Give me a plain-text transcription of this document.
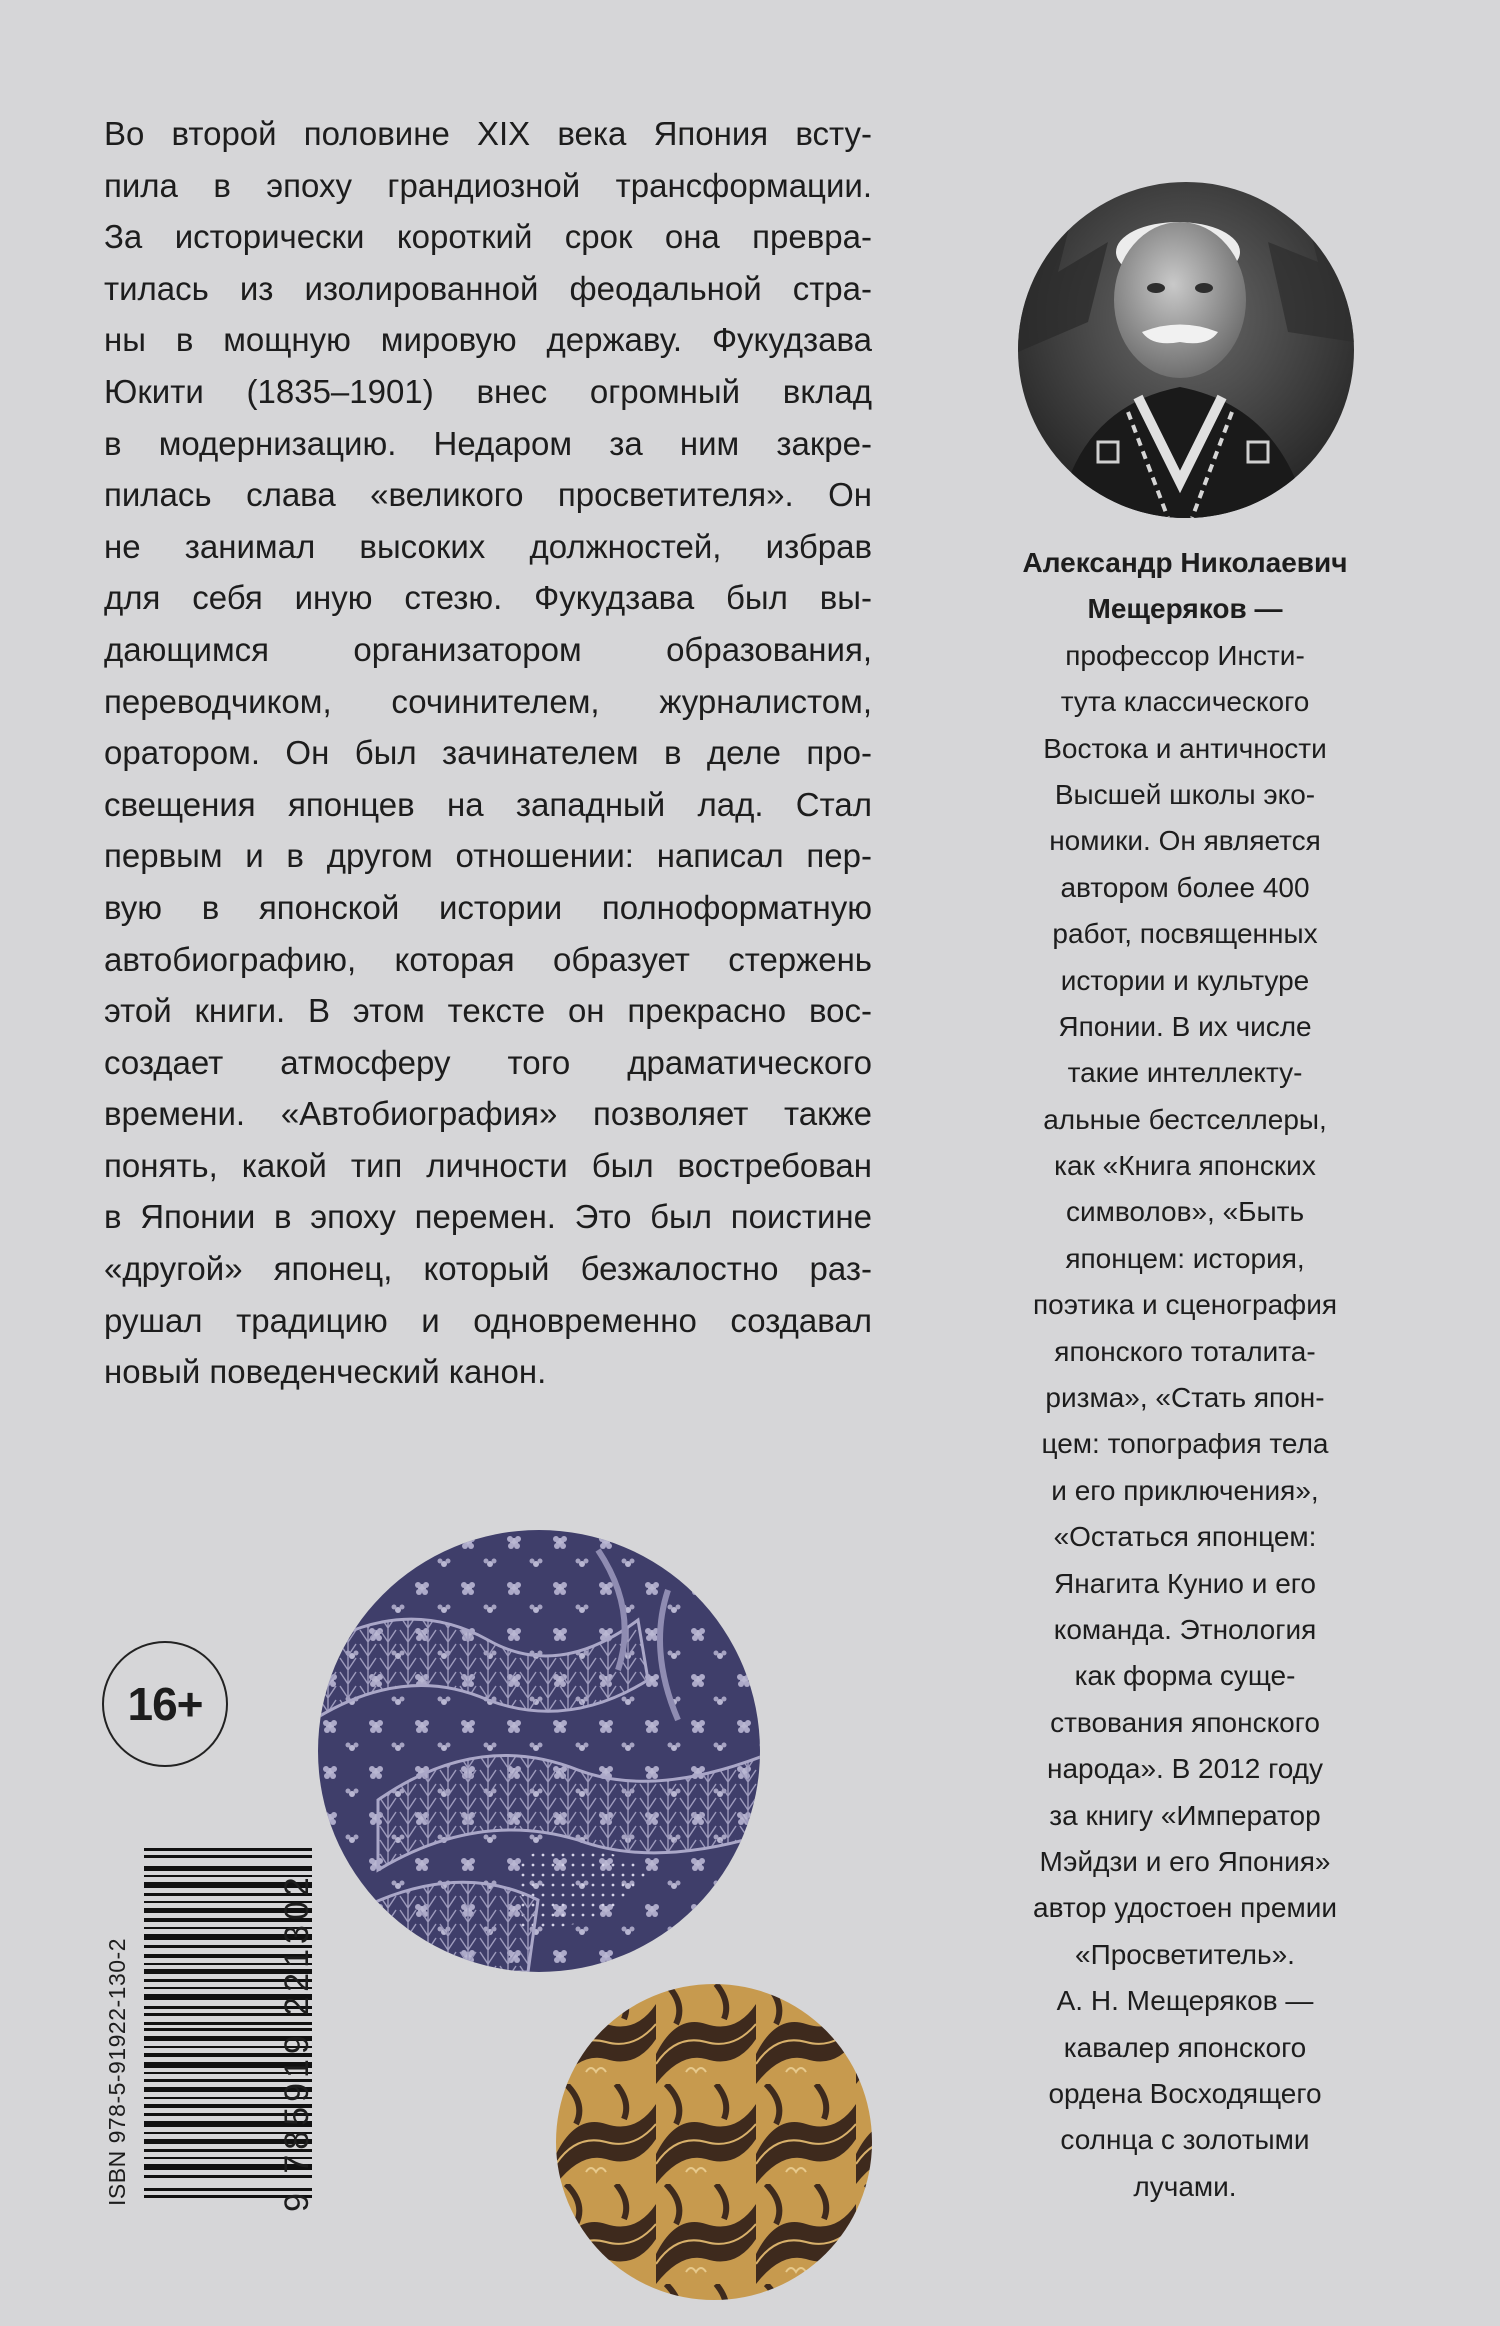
Во второй половине XIX века Япония всту-
пила в эпоху грандиозной трансформации.
За исторически короткий срок она превра-
тилась из изолированной феодальной стра-
ны в мощную мировую державу. Фукудзава
Юкити (1835–1901) внес огромный вклад
в модернизацию. Недаром за ним закре-
пилась слава «великого просветителя». Он
не занимал высоких должностей, избрав
для себя иную стезю. Фукудзава был вы-
дающимся организатором образования,
переводчиком, сочинителем, журналистом,
оратором. Он был зачинателем в деле про-
свещения японцев на западный лад. Стал
первым и в другом отношении: написал пер-
вую в японской истории полноформатную
автобиографию, которая образует стержень
этой книги. В этом тексте он прекрасно вос-
создает атмосферу того драматического
времени. «Автобиография» позволяет также
понять, какой тип личности был востребован
в Японии в эпоху перемен. Это был поистине
«другой» японец, который безжалостно раз-
рушал традицию и одновременно создавал
новый поведенческий канон.
Александр Николаевич
Мещеряков —
профессор Инсти-
тута классического
Востока и античности
Высшей школы эко-
номики. Он является
автором более 400
работ, посвященных
истории и культуре
Японии. В их числе
такие интеллекту-
альные бестселлеры,
как «Книга японских
символов», «Быть
японцем: история,
поэтика и сценография
японского тоталита-
ризма», «Стать япон-
цем: топография тела
и его приключения»,
«Остаться японцем:
Янагита Кунио и его
команда. Этнология
как форма суще-
ствования японского
народа». В 2012 году
за книгу «Император
Мэйдзи и его Япония»
автор удостоен премии
«Просветитель».
А. Н. Мещеряков —
кавалер японского
ордена Восходящего
солнца с золотыми
лучами.
16+
ISBN 978-5-91922-130-2	9 785919 221302
